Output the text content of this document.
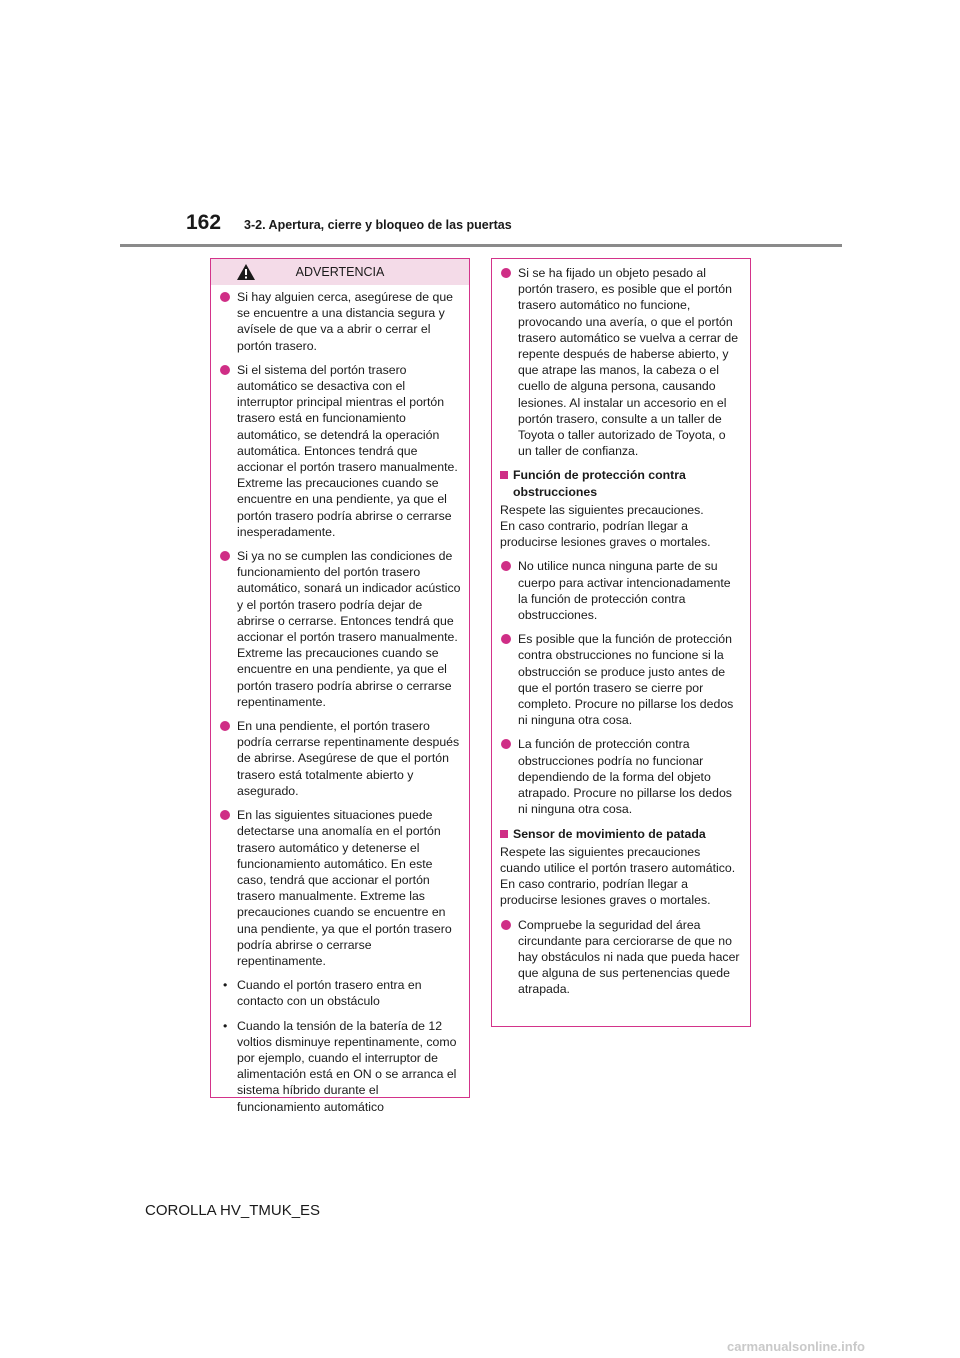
162 3-2. Apertura, cierre y bloqueo de las puertas
ADVERTENCIA
Si hay alguien cerca, asegúrese de que se encuentre a una distancia segura y avísele de que va a abrir o cerrar el portón trasero.
Si el sistema del portón trasero automático se desactiva con el interruptor principal mientras el portón trasero está en funcionamiento automático, se detendrá la operación automática. Entonces tendrá que accionar el portón trasero manualmente. Extreme las precauciones cuando se encuentre en una pendiente, ya que el portón trasero podría abrirse o cerrarse inesperadamente.
Si ya no se cumplen las condiciones de funcionamiento del portón trasero automático, sonará un indicador acústico y el portón trasero podría dejar de abrirse o cerrarse. Entonces tendrá que accionar el portón trasero manualmente. Extreme las precauciones cuando se encuentre en una pendiente, ya que el portón trasero podría abrirse o cerrarse repentinamente.
En una pendiente, el portón trasero podría cerrarse repentinamente después de abrirse. Asegúrese de que el portón trasero está totalmente abierto y asegurado.
En las siguientes situaciones puede detectarse una anomalía en el portón trasero automático y detenerse el funcionamiento automático. En este caso, tendrá que accionar el portón trasero manualmente. Extreme las precauciones cuando se encuentre en una pendiente, ya que el portón trasero podría abrirse o cerrarse repentinamente.
• Cuando el portón trasero entra en contacto con un obstáculo
• Cuando la tensión de la batería de 12 voltios disminuye repentinamente, como por ejemplo, cuando el interruptor de alimentación está en ON o se arranca el sistema híbrido durante el funcionamiento automático
Si se ha fijado un objeto pesado al portón trasero, es posible que el portón trasero automático no funcione, provocando una avería, o que el portón trasero automático se vuelva a cerrar de repente después de haberse abierto, y que atrape las manos, la cabeza o el cuello de alguna persona, causando lesiones. Al instalar un accesorio en el portón trasero, consulte a un taller de Toyota o taller autorizado de Toyota, o un taller de confianza.
Función de protección contra obstrucciones
Respete las siguientes precauciones.
En caso contrario, podrían llegar a producirse lesiones graves o mortales.
No utilice nunca ninguna parte de su cuerpo para activar intencionadamente la función de protección contra obstrucciones.
Es posible que la función de protección contra obstrucciones no funcione si la obstrucción se produce justo antes de que el portón trasero se cierre por completo. Procure no pillarse los dedos ni ninguna otra cosa.
La función de protección contra obstrucciones podría no funcionar dependiendo de la forma del objeto atrapado. Procure no pillarse los dedos ni ninguna otra cosa.
Sensor de movimiento de patada
Respete las siguientes precauciones cuando utilice el portón trasero automático.
En caso contrario, podrían llegar a producirse lesiones graves o mortales.
Compruebe la seguridad del área circundante para cerciorarse de que no hay obstáculos ni nada que pueda hacer que alguna de sus pertenencias quede atrapada.
COROLLA HV_TMUK_ES
carmanualsonline.info
